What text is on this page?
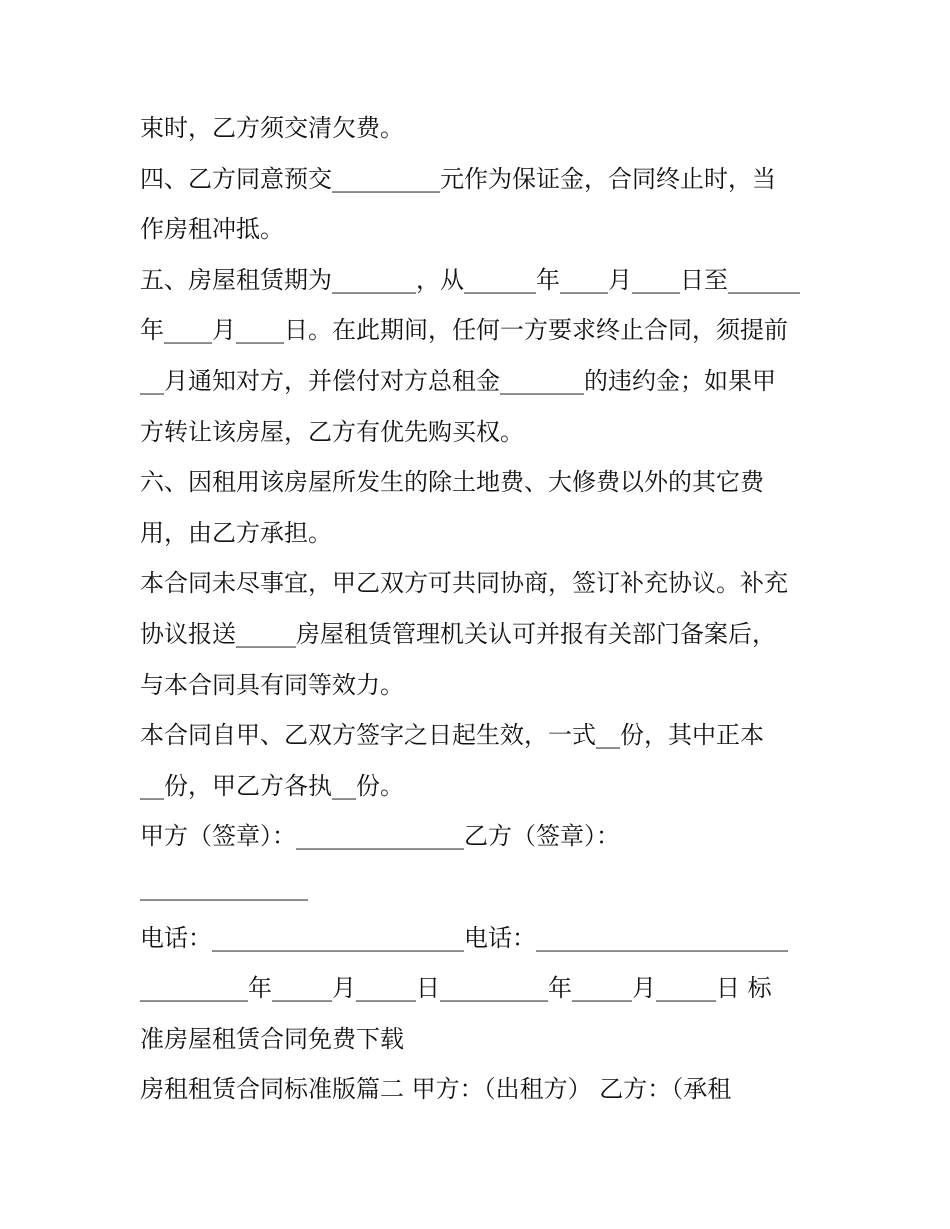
束时，乙方须交清欠费。
四、乙方同意预交_________元作为保证金，合同终止时，当
作房租冲抵。
五、房屋租赁期为_______，从______年____月____日至______
年____月____日。在此期间，任何一方要求终止合同，须提前
__月通知对方，并偿付对方总租金_______的违约金；如果甲
方转让该房屋，乙方有优先购买权。
六、因租用该房屋所发生的除土地费、大修费以外的其它费
用，由乙方承担。
本合同未尽事宜，甲乙双方可共同协商，签订补充协议。补充
协议报送_____房屋租赁管理机关认可并报有关部门备案后，
与本合同具有同等效力。
本合同自甲、乙双方签字之日起生效，一式__份，其中正本
__份，甲乙方各执__份。
甲方（签章）：______________乙方（签章）：
______________
电话：_____________________电话：_____________________
_________年_____月_____日_________年_____月_____日 标
准房屋租赁合同免费下载
房租租赁合同标准版篇二 甲方：（出租方） 乙方：（承租
